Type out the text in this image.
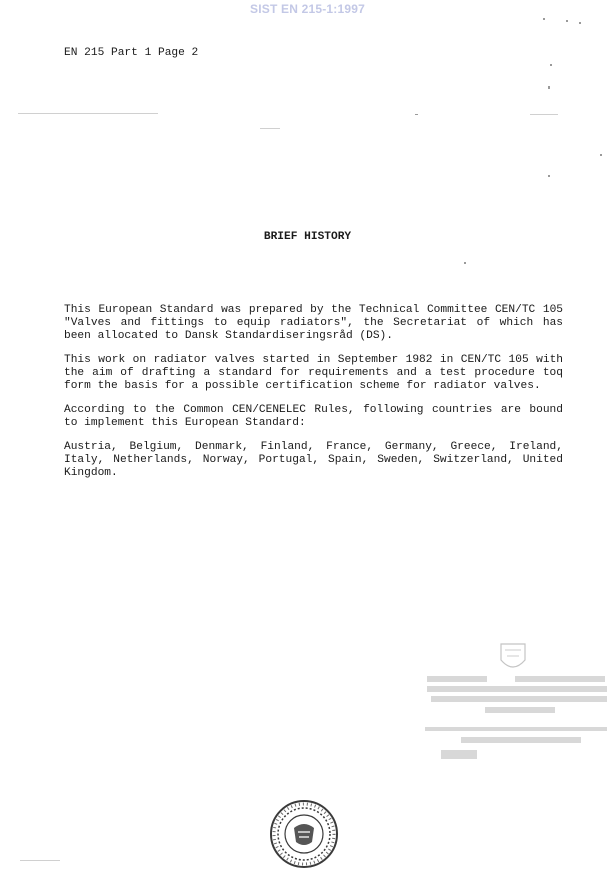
SIST EN 215-1:1997
EN 215 Part 1 Page 2
BRIEF HISTORY

This European Standard was prepared by the Technical Committee CEN/TC 105 "Valves and fittings to equip radiators", the Secretariat of which has been allocated to Dansk Standardiseringsråd (DS).

This work on radiator valves started in September 1982 in CEN/TC 105 with the aim of drafting a standard for requirements and a test procedure toq form the basis for a possible certification scheme for radiator valves.

According to the Common CEN/CENELEC Rules, following countries are bound to implement this European Standard:

Austria, Belgium, Denmark, Finland, France, Germany, Greece, Ireland, Italy, Netherlands, Norway, Portugal, Spain, Sweden, Switzerland, United Kingdom.
